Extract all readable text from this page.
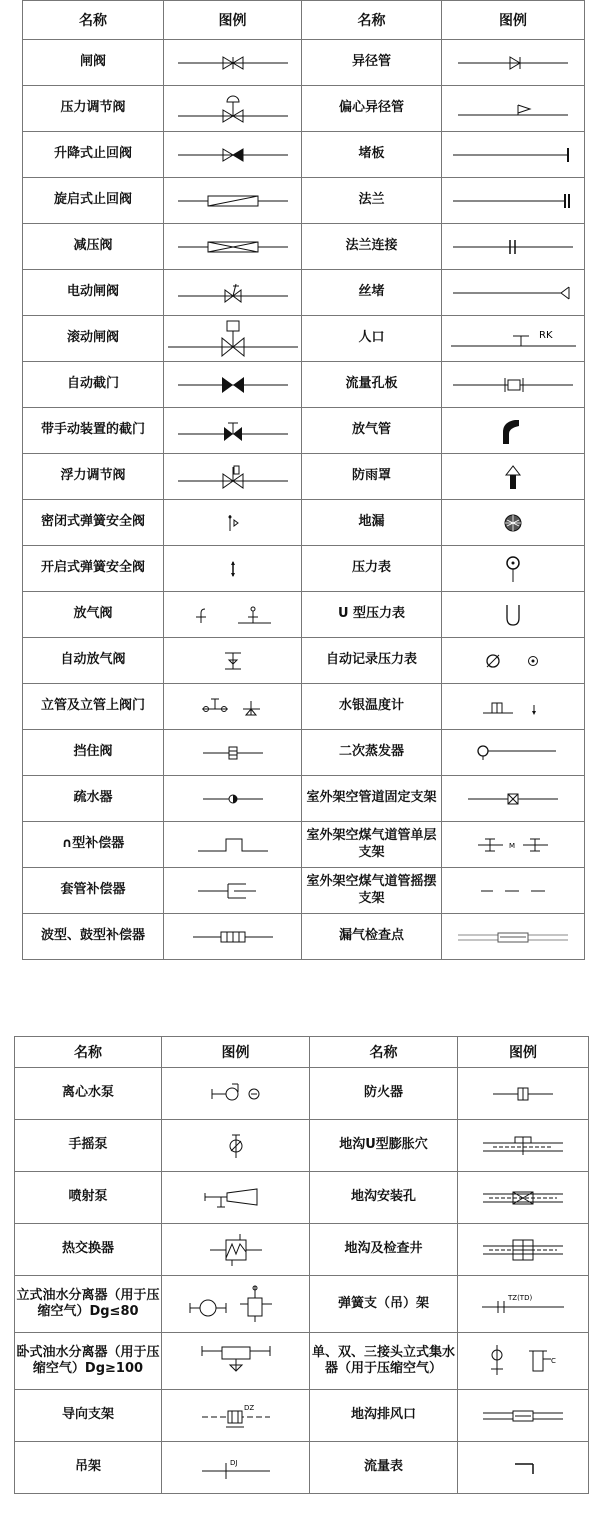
名称	图例	名称	图例
闸阀		异径管	

压力调节阀		偏心异径管	

升降式止回阀		堵板	

旋启式止回阀		法兰	

减压阀		法兰连接	

电动闸阀		丝堵	

滚动闸阀		人口	RK

自动截门		流量孔板	

带手动装置的截门		放气管	

浮力调节阀		防雨罩	

密闭式弹簧安全阀		地漏	

开启式弹簧安全阀		压力表	

放气阀		U 型压力表	

自动放气阀		自动记录压力表	

立管及立管上阀门		水银温度计	

挡住阀		二次蒸发器	

疏水器		室外架空管道固定支架	

∩型补偿器		室外架空煤气道管单层支架	M

套管补偿器		室外架空煤气道管摇摆支架	

波型、鼓型补偿器		漏气检查点	
名称	图例	名称	图例
离心水泵		防火器	

手摇泵		地沟U型膨胀穴	

喷射泵		地沟安装孔	

热交换器		地沟及检查井	

立式油水分离器（用于压缩空气）Dg≤80		弹簧支（吊）架	TZ(TD)

卧式油水分离器（用于压缩空气）Dg≥100		单、双、三接头立式集水器（用于压缩空气）	C

导向支架	DZ	地沟排风口	

吊架	DJ	流量表	
